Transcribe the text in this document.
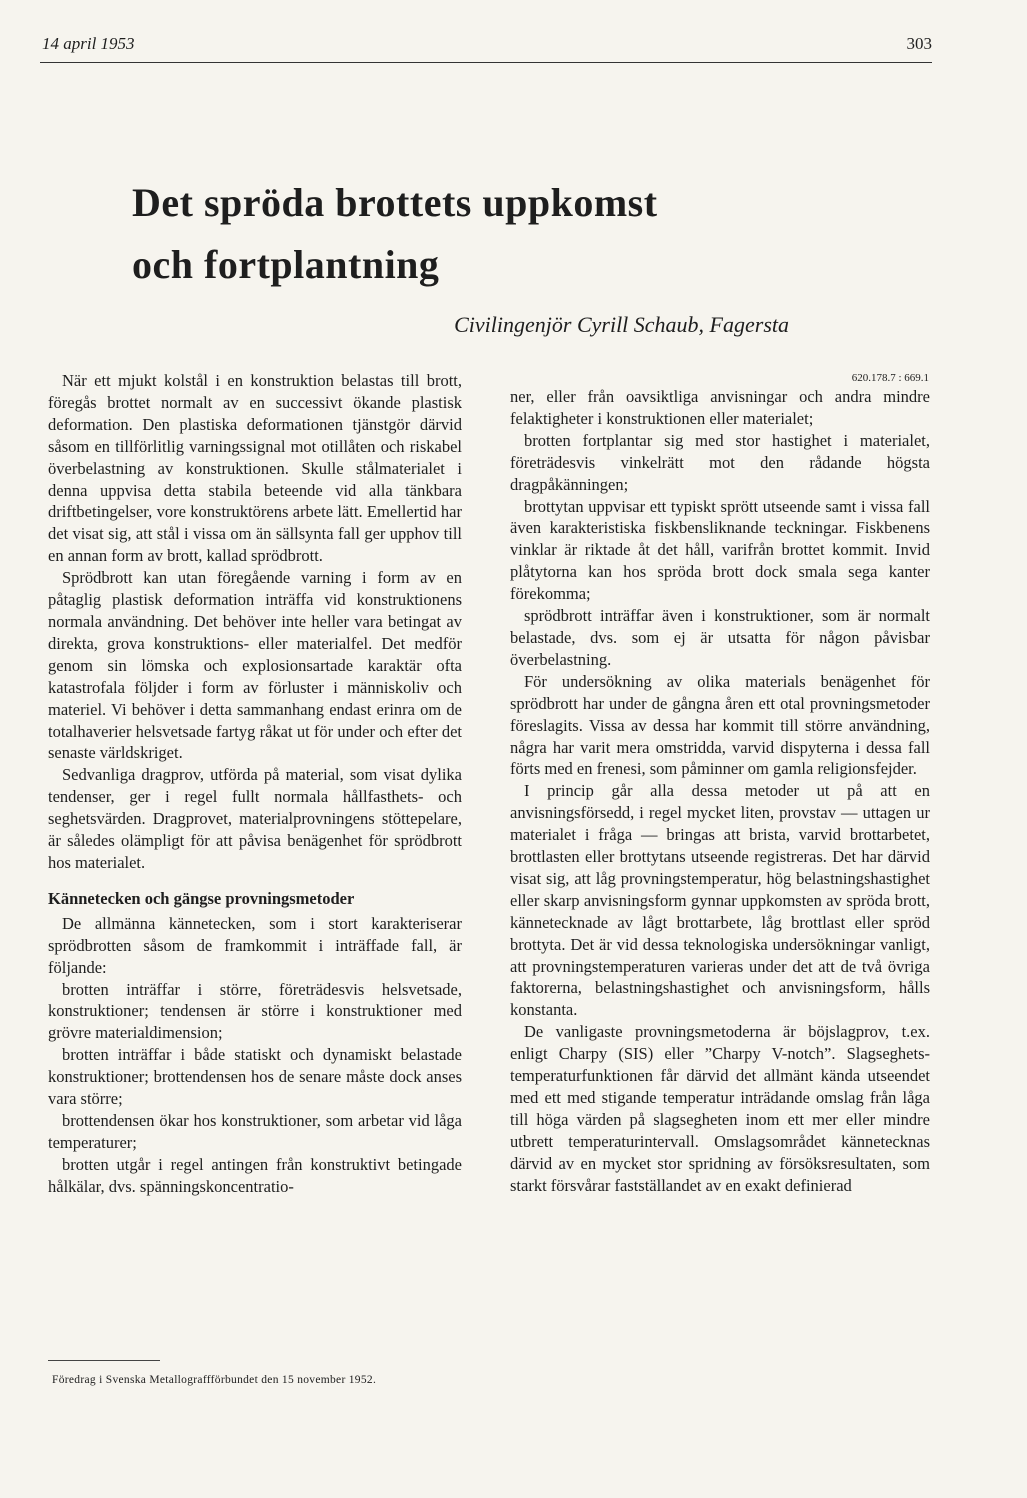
14 april 1953	303
Det spröda brottets uppkomst
och fortplantning
Civilingenjör Cyrill Schaub, Fagersta

När ett mjukt kolstål i en konstruktion belastas till brott, föregås brottet normalt av en successivt ökande plastisk deformation. Den plastiska deformationen tjänstgör därvid såsom en tillförlitlig varningssignal mot otillåten och riskabel överbelastning av konstruktionen. Skulle stålmaterialet i denna uppvisa detta stabila beteende vid alla tänkbara driftbetingelser, vore konstruktörens arbete lätt. Emellertid har det visat sig, att stål i vissa om än sällsynta fall ger upphov till en annan form av brott, kallad sprödbrott.

Sprödbrott kan utan föregående varning i form av en påtaglig plastisk deformation inträffa vid konstruktionens normala användning. Det behöver inte heller vara betingat av direkta, grova konstruktions- eller materialfel. Det medför genom sin lömska och explosionsartade karaktär ofta katastrofala följder i form av förluster i människoliv och materiel. Vi behöver i detta sammanhang endast erinra om de totalhaverier helsvetsade fartyg råkat ut för under och efter det senaste världskriget.

Sedvanliga dragprov, utförda på material, som visat dylika tendenser, ger i regel fullt normala hållfasthets- och seghetsvärden. Dragprovet, materialprovningens stöttepelare, är således olämpligt för att påvisa benägenhet för sprödbrott hos materialet.

Kännetecken och gängse provningsmetoder

De allmänna kännetecken, som i stort karakteriserar sprödbrotten såsom de framkommit i inträffade fall, är följande:

brotten inträffar i större, företrädesvis helsvetsade, konstruktioner; tendensen är större i konstruktioner med grövre materialdimension;

brotten inträffar i både statiskt och dynamiskt belastade konstruktioner; brottendensen hos de senare måste dock anses vara större;

brottendensen ökar hos konstruktioner, som arbetar vid låga temperaturer;

brotten utgår i regel antingen från konstruktivt betingade hålkälar, dvs. spänningskoncentratio-

620.178.7 : 669.1

ner, eller från oavsiktliga anvisningar och andra mindre felaktigheter i konstruktionen eller materialet;

brotten fortplantar sig med stor hastighet i materialet, företrädesvis vinkelrätt mot den rådande högsta dragpåkänningen;

brottytan uppvisar ett typiskt sprött utseende samt i vissa fall även karakteristiska fiskbensliknande teckningar. Fiskbenens vinklar är riktade åt det håll, varifrån brottet kommit. Invid plåtytorna kan hos spröda brott dock smala sega kanter förekomma;

sprödbrott inträffar även i konstruktioner, som är normalt belastade, dvs. som ej är utsatta för någon påvisbar överbelastning.

För undersökning av olika materials benägenhet för sprödbrott har under de gångna åren ett otal provningsmetoder föreslagits. Vissa av dessa har kommit till större användning, några har varit mera omstridda, varvid dispyterna i dessa fall förts med en frenesi, som påminner om gamla religionsfejder.

I princip går alla dessa metoder ut på att en anvisningsförsedd, i regel mycket liten, provstav — uttagen ur materialet i fråga — bringas att brista, varvid brottarbetet, brottlasten eller brottytans utseende registreras. Det har därvid visat sig, att låg provningstemperatur, hög belastningshastighet eller skarp anvisningsform gynnar uppkomsten av spröda brott, kännetecknade av lågt brottarbete, låg brottlast eller spröd brottyta. Det är vid dessa teknologiska undersökningar vanligt, att provningstemperaturen varieras under det att de två övriga faktorerna, belastningshastighet och anvisningsform, hålls konstanta.

De vanligaste provningsmetoderna är böjslagprov, t.ex. enligt Charpy (SIS) eller ”Charpy V-notch”. Slagseghets-temperaturfunktionen får därvid det allmänt kända utseendet med ett med stigande temperatur inträdande omslag från låga till höga värden på slagsegheten inom ett mer eller mindre utbrett temperaturintervall. Omslagsområdet kännetecknas därvid av en mycket stor spridning av försöksresultaten, som starkt försvårar fastställandet av en exakt definierad

Föredrag i Svenska Metallograffförbundet den 15 november 1952.
